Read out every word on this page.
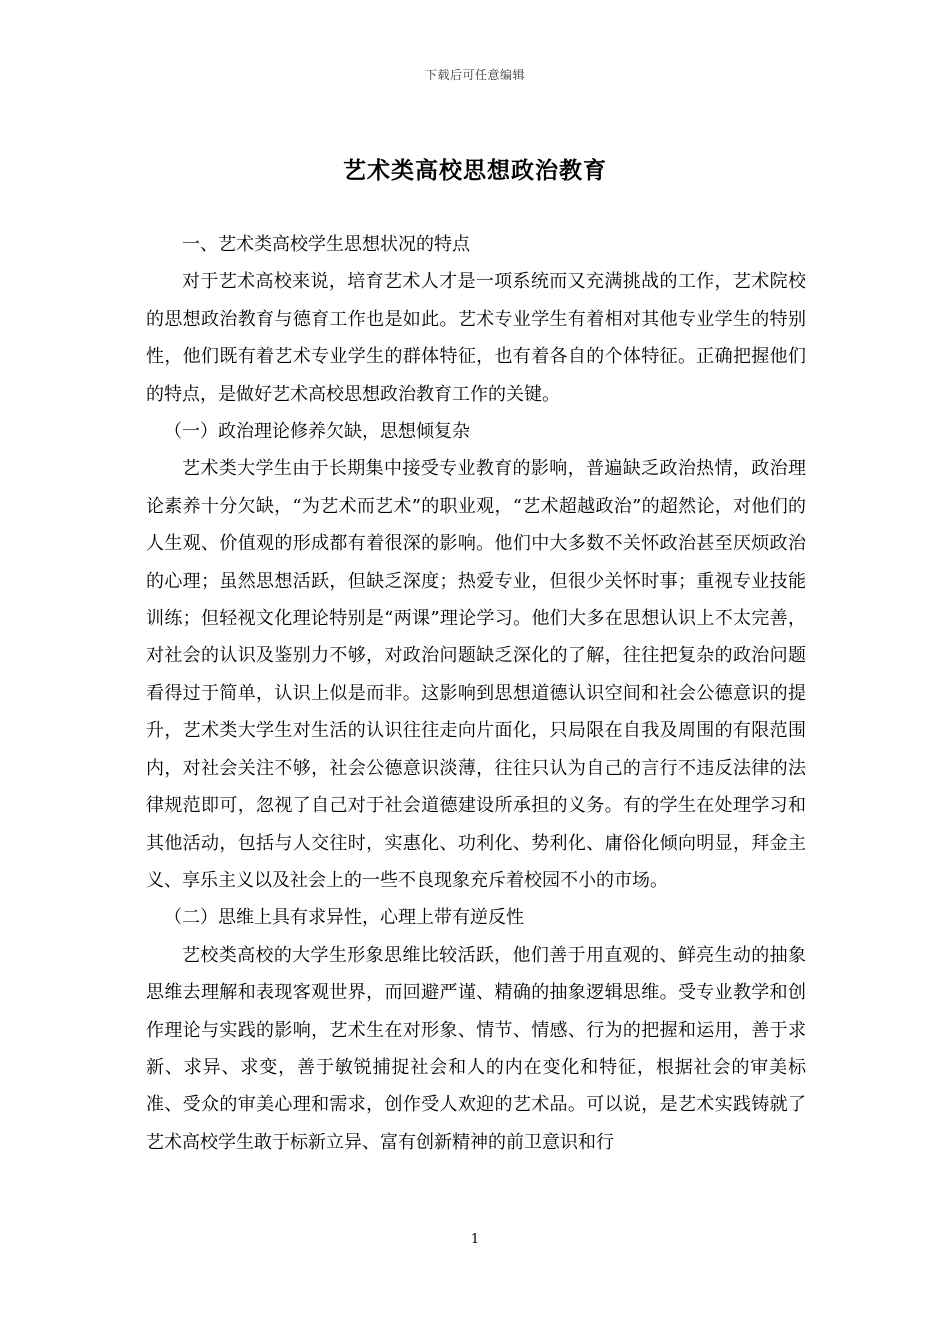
下载后可任意编辑
艺术类高校思想政治教育

一、艺术类高校学生思想状况的特点

对于艺术高校来说，培育艺术人才是一项系统而又充满挑战的工作，艺术院校的思想政治教育与德育工作也是如此。艺术专业学生有着相对其他专业学生的特别性，他们既有着艺术专业学生的群体特征，也有着各自的个体特征。正确把握他们的特点，是做好艺术高校思想政治教育工作的关键。

（一）政治理论修养欠缺，思想倾复杂

艺术类大学生由于长期集中接受专业教育的影响，普遍缺乏政治热情，政治理论素养十分欠缺，“为艺术而艺术”的职业观，“艺术超越政治”的超然论，对他们的人生观、价值观的形成都有着很深的影响。他们中大多数不关怀政治甚至厌烦政治的心理；虽然思想活跃，但缺乏深度；热爱专业，但很少关怀时事；重视专业技能训练；但轻视文化理论特别是“两课”理论学习。他们大多在思想认识上不太完善，对社会的认识及鉴别力不够，对政治问题缺乏深化的了解，往往把复杂的政治问题看得过于简单，认识上似是而非。这影响到思想道德认识空间和社会公德意识的提升，艺术类大学生对生活的认识往往走向片面化，只局限在自我及周围的有限范围内，对社会关注不够，社会公德意识淡薄，往往只认为自己的言行不违反法律的法律规范即可，忽视了自己对于社会道德建设所承担的义务。有的学生在处理学习和其他活动，包括与人交往时，实惠化、功利化、势利化、庸俗化倾向明显，拜金主义、享乐主义以及社会上的一些不良现象充斥着校园不小的市场。

（二）思维上具有求异性，心理上带有逆反性

艺校类高校的大学生形象思维比较活跃，他们善于用直观的、鲜亮生动的抽象思维去理解和表现客观世界，而回避严谨、精确的抽象逻辑思维。受专业教学和创作理论与实践的影响，艺术生在对形象、情节、情感、行为的把握和运用，善于求新、求异、求变，善于敏锐捕捉社会和人的内在变化和特征，根据社会的审美标准、受众的审美心理和需求，创作受人欢迎的艺术品。可以说，是艺术实践铸就了艺术高校学生敢于标新立异、富有创新精神的前卫意识和行

1
